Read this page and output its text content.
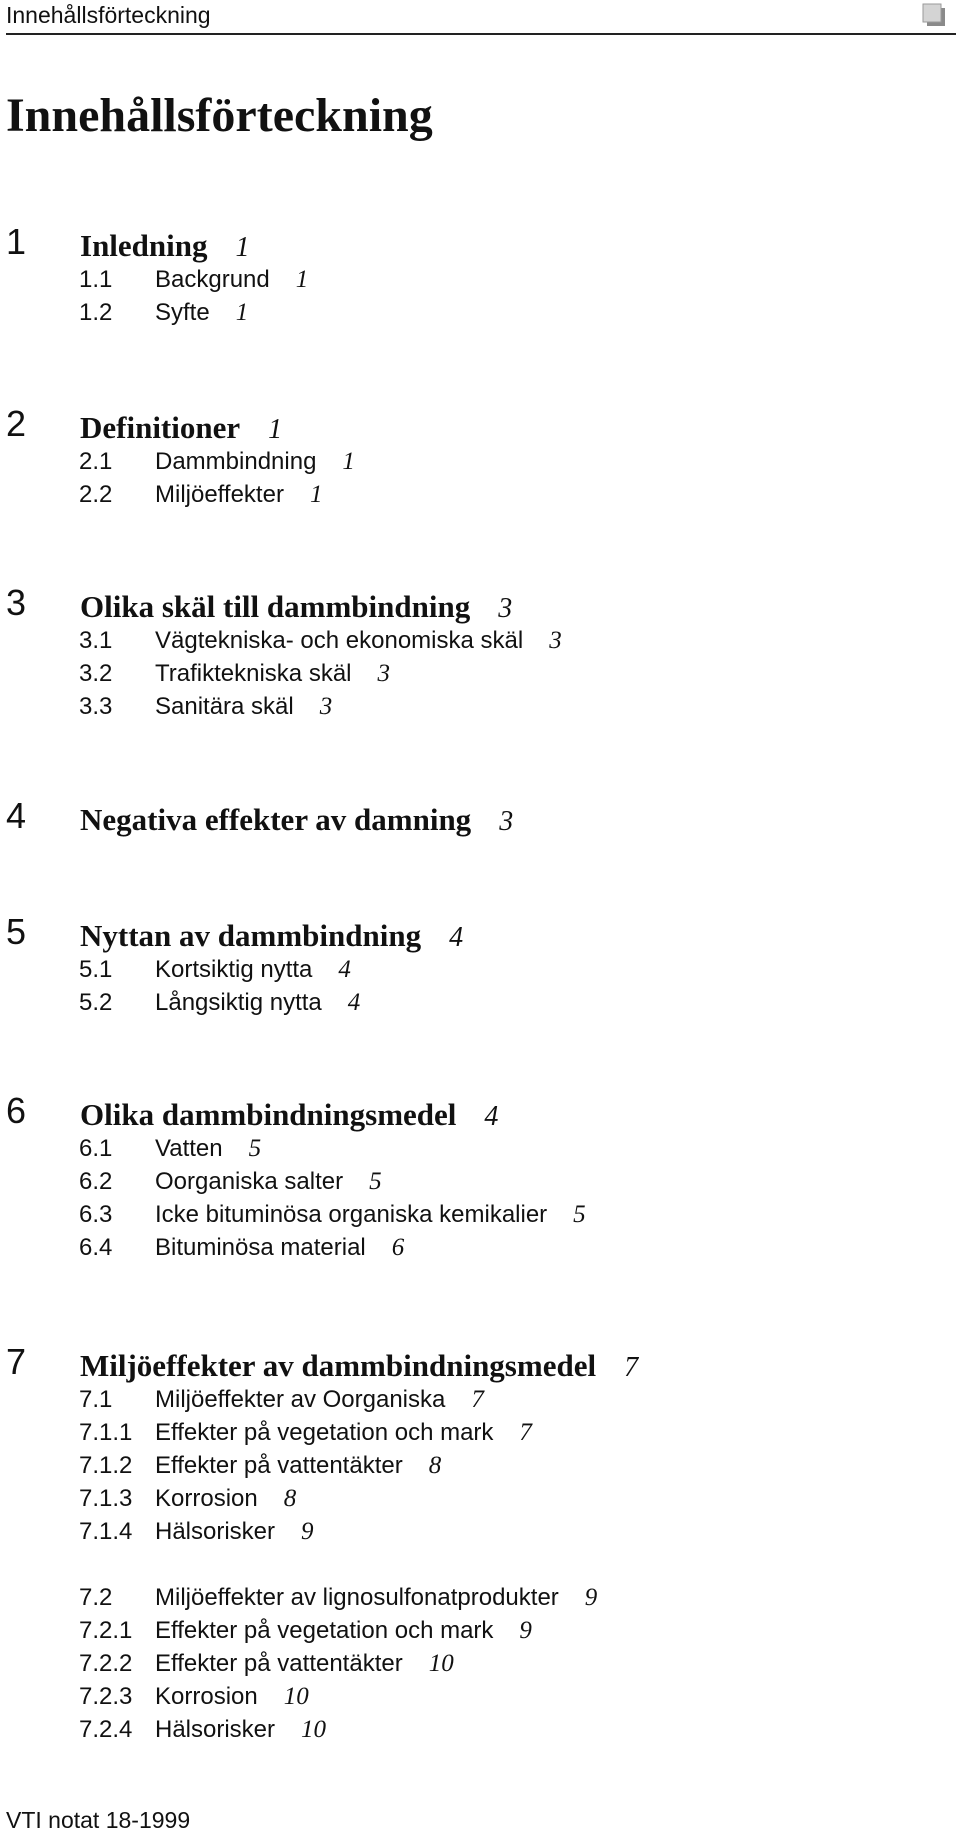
Innehållsförteckning
Innehållsförteckning
1 Inledning 1
1.1 Backgrund 1
1.2 Syfte 1
2 Definitioner 1
2.1 Dammbindning 1
2.2 Miljöeffekter 1
3 Olika skäl till dammbindning 3
3.1 Vägtekniska- och ekonomiska skäl 3
3.2 Trafiktekniska skäl 3
3.3 Sanitära skäl 3
4 Negativa effekter av damning 3
5 Nyttan av dammbindning 4
5.1 Kortsiktig nytta 4
5.2 Långsiktig nytta 4
6 Olika dammbindningsmedel 4
6.1 Vatten 5
6.2 Oorganiska salter 5
6.3 Icke bituminösa organiska kemikalier 5
6.4 Bituminösa material 6
7 Miljöeffekter av dammbindningsmedel 7
7.1 Miljöeffekter av Oorganiska 7
7.1.1 Effekter på vegetation och mark 7
7.1.2 Effekter på vattentäkter 8
7.1.3 Korrosion 8
7.1.4 Hälsorisker 9
7.2 Miljöeffekter av lignosulfonatprodukter 9
7.2.1 Effekter på vegetation och mark 9
7.2.2 Effekter på vattentäkter 10
7.2.3 Korrosion 10
7.2.4 Hälsorisker 10
VTI notat 18-1999
